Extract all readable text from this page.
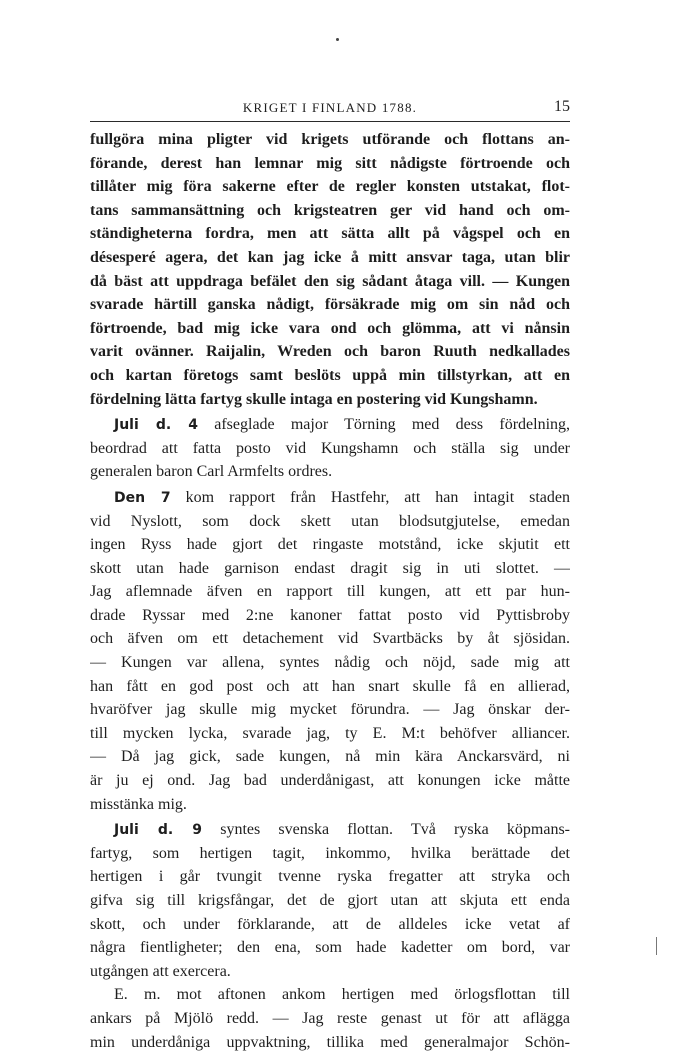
KRIGET I FINLAND 1788.	15
fullgöra mina pligter vid krigets utförande och flottans an-
förande, derest han lemnar mig sitt nådigste förtroende och
tillåter mig föra sakerne efter de regler konsten utstakat, flot-
tans sammansättning och krigsteatren ger vid hand och om-
ständigheterna fordra, men att sätta allt på vågspel och en
désesperé agera, det kan jag icke å mitt ansvar taga, utan blir
då bäst att uppdraga befälet den sig sådant åtaga vill. — Kungen
svarade härtill ganska nådigt, försäkrade mig om sin nåd och
förtroende, bad mig icke vara ond och glömma, att vi nånsin
varit ovänner. Raijalin, Wreden och baron Ruuth nedkallades
och kartan företogs samt beslöts uppå min tillstyrkan, att en
fördelning lätta fartyg skulle intaga en postering vid Kungshamn.
Juli d. 4 afseglade major Törning med dess fördelning,
beordrad att fatta posto vid Kungshamn och ställa sig under
generalen baron Carl Armfelts ordres.
Den 7 kom rapport från Hastfehr, att han intagit staden
vid Nyslott, som dock skett utan blodsutgjutelse, emedan
ingen Ryss hade gjort det ringaste motstånd, icke skjutit ett
skott utan hade garnison endast dragit sig in uti slottet. —
Jag aflemnade äfven en rapport till kungen, att ett par hun-
drade Ryssar med 2:ne kanoner fattat posto vid Pyttisbroby
och äfven om ett detachement vid Svartbäcks by åt sjösidan.
— Kungen var allena, syntes nådig och nöjd, sade mig att
han fått en god post och att han snart skulle få en allierad,
hvaröfver jag skulle mig mycket förundra. — Jag önskar der-
till mycken lycka, svarade jag, ty E. M:t behöfver alliancer.
— Då jag gick, sade kungen, nå min kära Anckarsvärd, ni
är ju ej ond. Jag bad underdånigast, att konungen icke måtte
misstänka mig.
Juli d. 9 syntes svenska flottan. Två ryska köpmans-
fartyg, som hertigen tagit, inkommo, hvilka berättade det
hertigen i går tvungit tvenne ryska fregatter att stryka och
gifva sig till krigsfångar, det de gjort utan att skjuta ett enda
skott, och under förklarande, att de alldeles icke vetat af
några fientligheter; den ena, som hade kadetter om bord, var
utgången att exercera.
E. m. mot aftonen ankom hertigen med örlogsflottan till
ankars på Mjölö redd. — Jag reste genast ut för att aflägga
min underdåniga uppvaktning, tillika med generalmajor Schön-
